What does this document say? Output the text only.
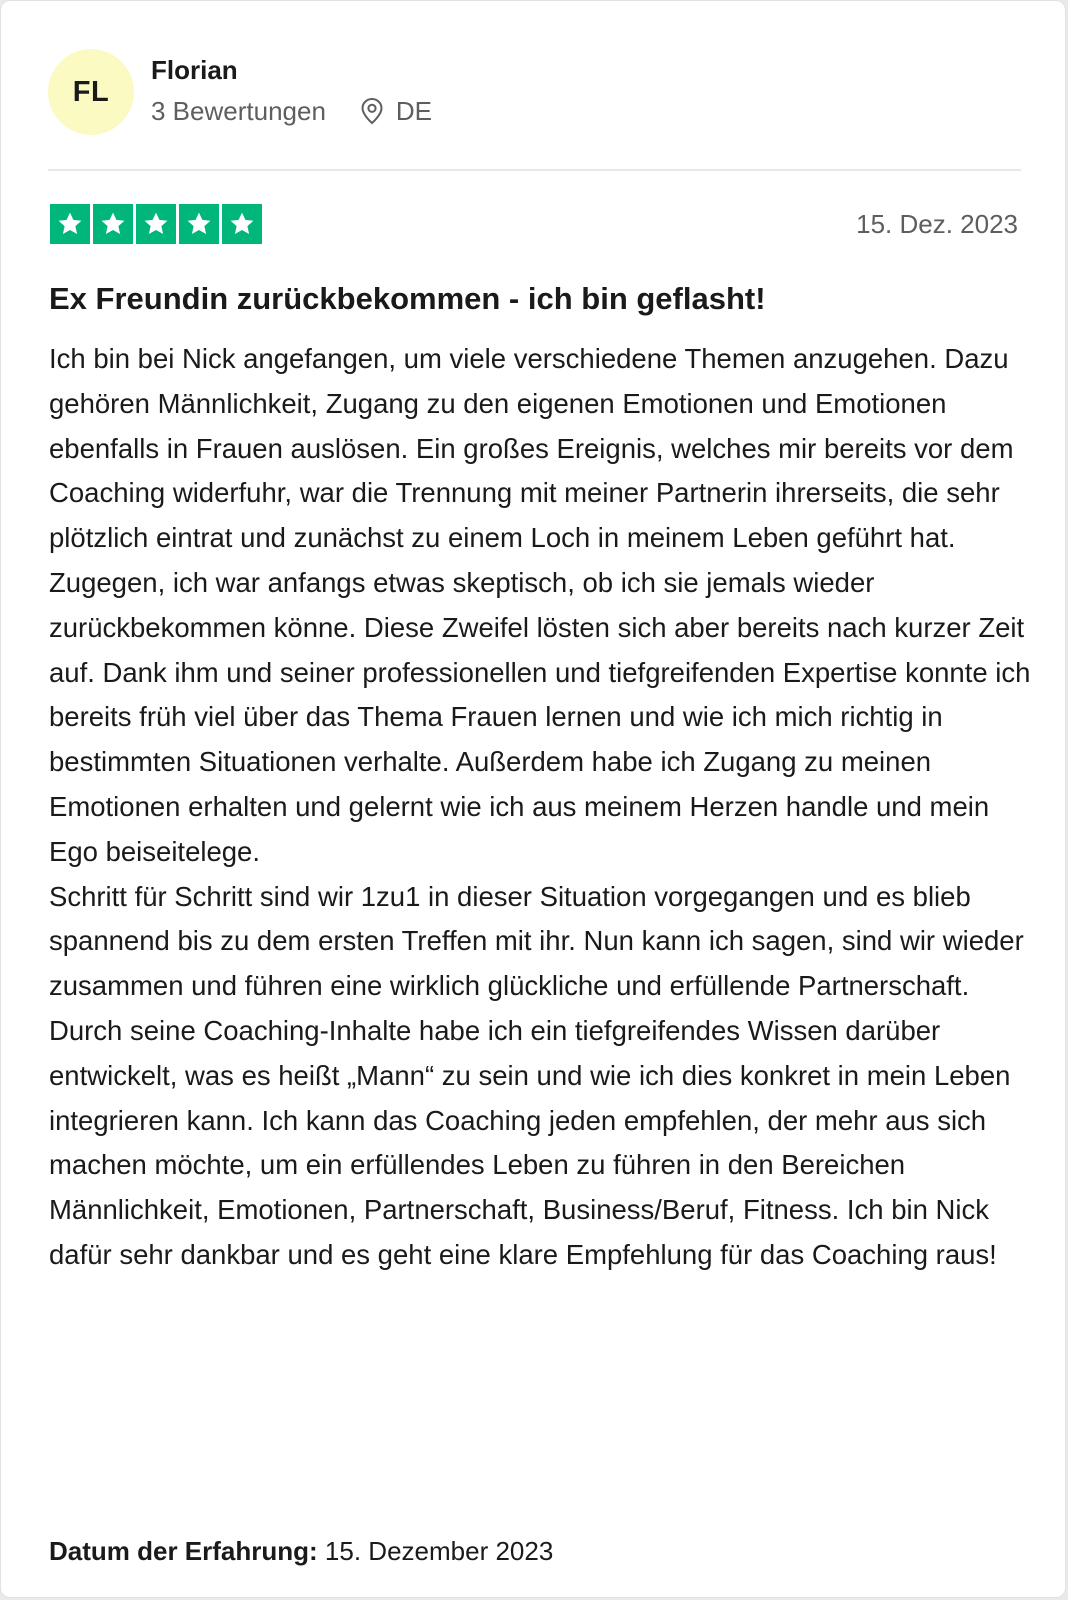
FL
Florian
3 Bewertungen	DE
15. Dez. 2023
Ex Freundin zurückbekommen - ich bin geflasht!

Ich bin bei Nick angefangen, um viele verschiedene Themen anzugehen. Dazu gehören Männlichkeit, Zugang zu den eigenen Emotionen und Emotionen ebenfalls in Frauen auslösen. Ein großes Ereignis, welches mir bereits vor dem Coaching widerfuhr, war die Trennung mit meiner Partnerin ihrerseits, die sehr plötzlich eintrat und zunächst zu einem Loch in meinem Leben geführt hat. Zugegen, ich war anfangs etwas skeptisch, ob ich sie jemals wieder zurückbekommen könne. Diese Zweifel lösten sich aber bereits nach kurzer Zeit auf. Dank ihm und seiner professionellen und tiefgreifenden Expertise konnte ich bereits früh viel über das Thema Frauen lernen und wie ich mich richtig in bestimmten Situationen verhalte. Außerdem habe ich Zugang zu meinen Emotionen erhalten und gelernt wie ich aus meinem Herzen handle und mein Ego beiseitelege.

Schritt für Schritt sind wir 1zu1 in dieser Situation vorgegangen und es blieb spannend bis zu dem ersten Treffen mit ihr. Nun kann ich sagen, sind wir wieder zusammen und führen eine wirklich glückliche und erfüllende Partnerschaft.

Durch seine Coaching-Inhalte habe ich ein tiefgreifendes Wissen darüber entwickelt, was es heißt „Mann“ zu sein und wie ich dies konkret in mein Leben integrieren kann. Ich kann das Coaching jeden empfehlen, der mehr aus sich machen möchte, um ein erfüllendes Leben zu führen in den Bereichen Männlichkeit, Emotionen, Partnerschaft, Business/Beruf, Fitness. Ich bin Nick dafür sehr dankbar und es geht eine klare Empfehlung für das Coaching raus!

Datum der Erfahrung: 15. Dezember 2023
